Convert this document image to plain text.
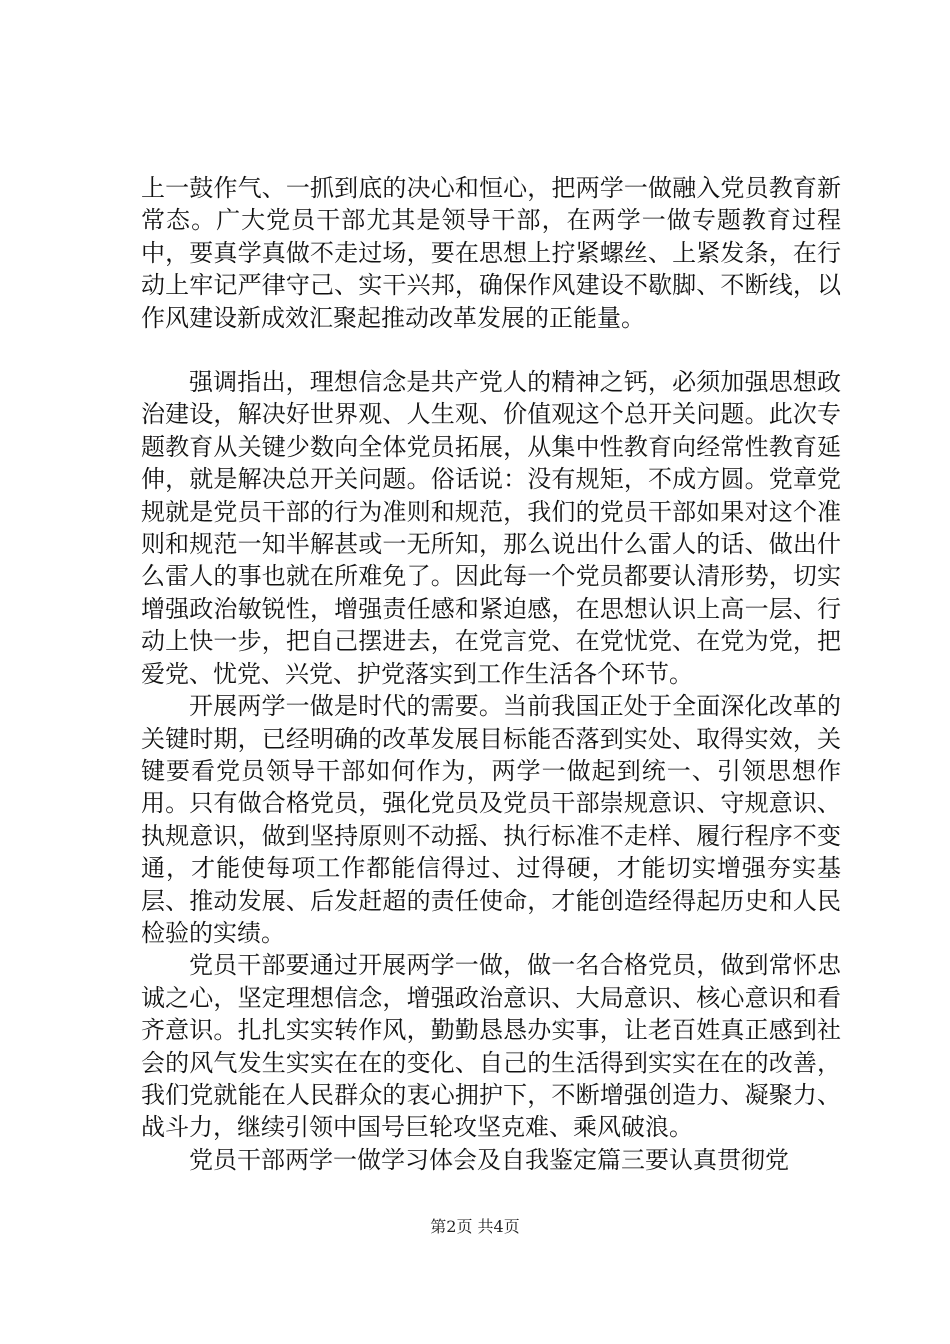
上一鼓作气、一抓到底的决心和恒心，把两学一做融入党员教育新常态。广大党员干部尤其是领导干部，在两学一做专题教育过程中，要真学真做不走过场，要在思想上拧紧螺丝、上紧发条，在行动上牢记严律守己、实干兴邦，确保作风建设不歇脚、不断线，以作风建设新成效汇聚起推动改革发展的正能量。

强调指出，理想信念是共产党人的精神之钙，必须加强思想政治建设，解决好世界观、人生观、价值观这个总开关问题。此次专题教育从关键少数向全体党员拓展，从集中性教育向经常性教育延伸，就是解决总开关问题。俗话说：没有规矩，不成方圆。党章党规就是党员干部的行为准则和规范，我们的党员干部如果对这个准则和规范一知半解甚或一无所知，那么说出什么雷人的话、做出什么雷人的事也就在所难免了。因此每一个党员都要认清形势，切实增强政治敏锐性，增强责任感和紧迫感，在思想认识上高一层、行动上快一步，把自己摆进去，在党言党、在党忧党、在党为党，把爱党、忧党、兴党、护党落实到工作生活各个环节。

开展两学一做是时代的需要。当前我国正处于全面深化改革的关键时期，已经明确的改革发展目标能否落到实处、取得实效，关键要看党员领导干部如何作为，两学一做起到统一、引领思想作用。只有做合格党员，强化党员及党员干部崇规意识、守规意识、执规意识，做到坚持原则不动摇、执行标准不走样、履行程序不变通，才能使每项工作都能信得过、过得硬，才能切实增强夯实基层、推动发展、后发赶超的责任使命，才能创造经得起历史和人民检验的实绩。

党员干部要通过开展两学一做，做一名合格党员，做到常怀忠诚之心，坚定理想信念，增强政治意识、大局意识、核心意识和看齐意识。扎扎实实转作风，勤勤恳恳办实事，让老百姓真正感到社会的风气发生实实在在的变化、自己的生活得到实实在在的改善，我们党就能在人民群众的衷心拥护下，不断增强创造力、凝聚力、战斗力，继续引领中国号巨轮攻坚克难、乘风破浪。

党员干部两学一做学习体会及自我鉴定篇三要认真贯彻党

第2页 共4页
